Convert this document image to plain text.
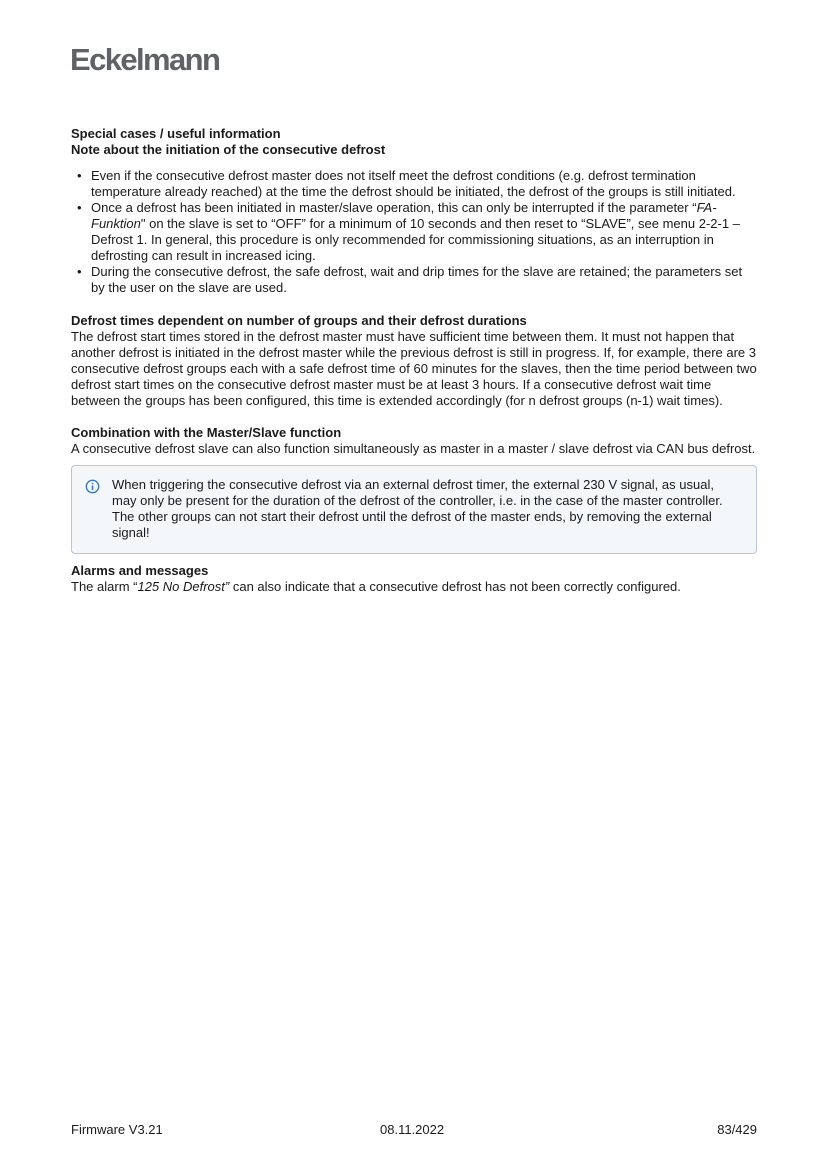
Eckelmann

Special cases / useful information

Note about the initiation of the consecutive defrost

• Even if the consecutive defrost master does not itself meet the defrost conditions (e.g. defrost termination temperature already reached) at the time the defrost should be initiated, the defrost of the groups is still initiated.
• Once a defrost has been initiated in master/slave operation, this can only be interrupted if the parameter “FA-Funktion" on the slave is set to “OFF” for a minimum of 10 seconds and then reset to “SLAVE”, see menu 2-2-1 – Defrost 1. In general, this procedure is only recommended for commissioning situations, as an interruption in defrosting can result in increased icing.
• During the consecutive defrost, the safe defrost, wait and drip times for the slave are retained; the parameters set by the user on the slave are used.

Defrost times dependent on number of groups and their defrost durations

The defrost start times stored in the defrost master must have sufficient time between them. It must not happen that another defrost is initiated in the defrost master while the previous defrost is still in progress. If, for example, there are 3 consecutive defrost groups each with a safe defrost time of 60 minutes for the slaves, then the time period between two defrost start times on the consecutive defrost master must be at least 3 hours. If a consecutive defrost wait time between the groups has been configured, this time is extended accordingly (for n defrost groups (n-1) wait times).

Combination with the Master/Slave function

A consecutive defrost slave can also function simultaneously as master in a master / slave defrost via CAN bus defrost.

When triggering the consecutive defrost via an external defrost timer, the external 230 V signal, as usual, may only be present for the duration of the defrost of the controller, i.e. in the case of the master controller. The other groups can not start their defrost until the defrost of the master ends, by removing the external signal!

Alarms and messages

The alarm “125 No Defrost” can also indicate that a consecutive defrost has not been correctly configured.

Firmware V3.21	08.11.2022	83/429
